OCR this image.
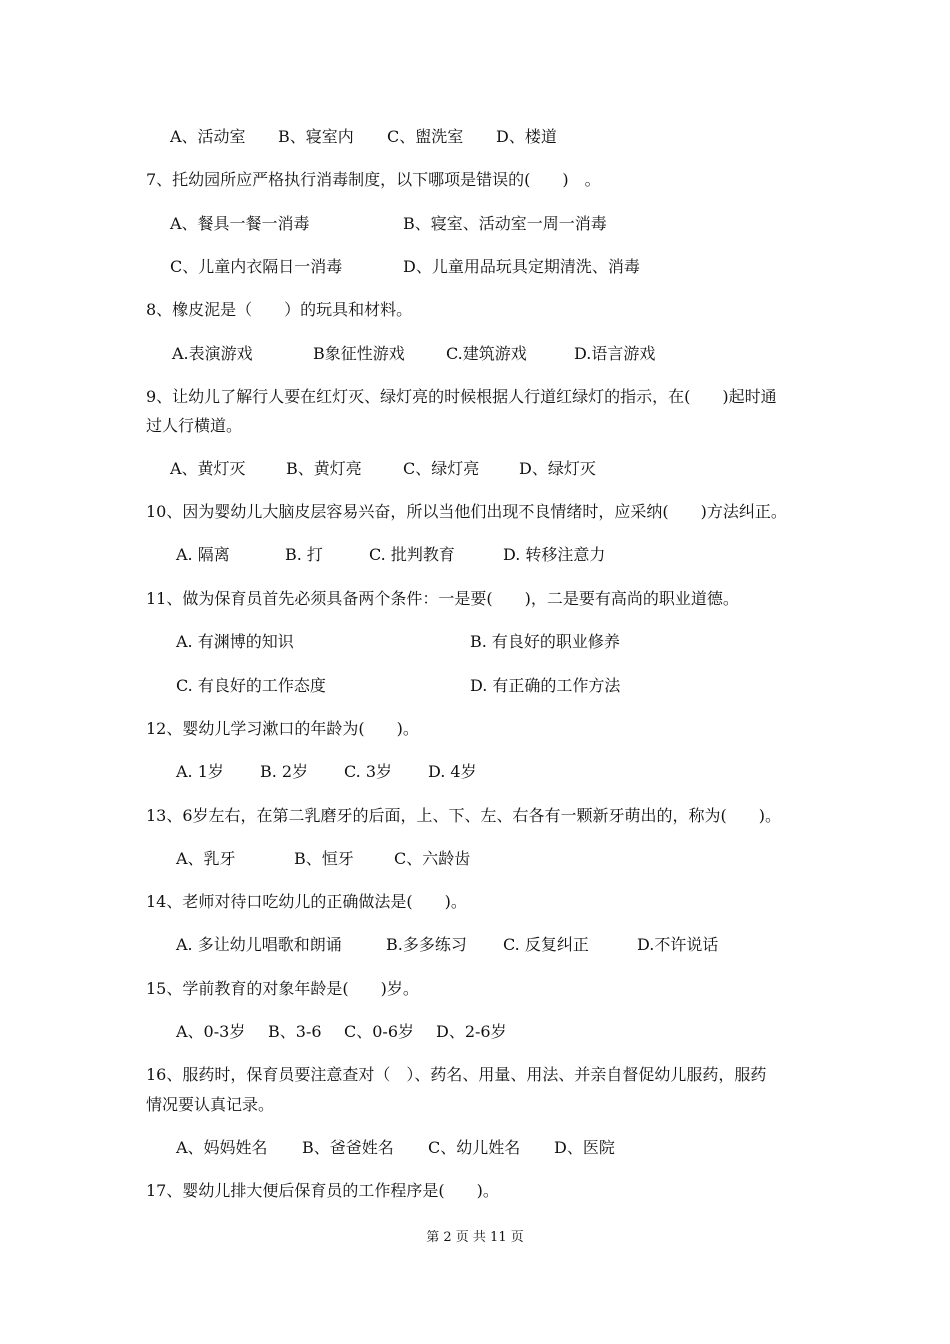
A、活动室 B、寝室内 C、盥洗室 D、楼道
7、托幼园所应严格执行消毒制度，以下哪项是错误的(　　)　。
A、餐具一餐一消毒	B、寝室、活动室一周一消毒
C、儿童内衣隔日一消毒	D、儿童用品玩具定期清洗、消毒
8、橡皮泥是（　　）的玩具和材料。
A.表演游戏	B象征性游戏	C.建筑游戏	D.语言游戏
9、让幼儿了解行人要在红灯灭、绿灯亮的时候根据人行道红绿灯的指示，在(　　)起时通
过人行横道。
A、黄灯灭	B、黄灯亮	C、绿灯亮 D、绿灯灭
10、因为婴幼儿大脑皮层容易兴奋，所以当他们出现不良情绪时，应采纳(　　)方法纠正。
A. 隔离	B. 打	C. 批判教育	D. 转移注意力
11、做为保育员首先必须具备两个条件：一是要(　　)，二是要有高尚的职业道德。
A. 有渊博的知识	B. 有良好的职业修养
C. 有良好的工作态度	D. 有正确的工作方法
12、婴幼儿学习漱口的年龄为(　　)。
A. 1岁 B. 2岁 C. 3岁 D. 4岁
13、6岁左右，在第二乳磨牙的后面，上、下、左、右各有一颗新牙萌出的，称为(　　)。
A、乳牙	B、恒牙	C、六龄齿
14、老师对待口吃幼儿的正确做法是(　　)。
A. 多让幼儿唱歌和朗诵	B.多多练习 C. 反复纠正	D.不许说话
15、学前教育的对象年龄是(　　)岁。
A、0-3岁 B、3-6 C、0-6岁 D、2-6岁
16、服药时，保育员要注意查对（　）、药名、用量、用法、并亲自督促幼儿服药，服药
情况要认真记录。
A、妈妈姓名 B、爸爸姓名 C、幼儿姓名 D、医院
17、婴幼儿排大便后保育员的工作程序是(　　)。
第 2 页 共 11 页
